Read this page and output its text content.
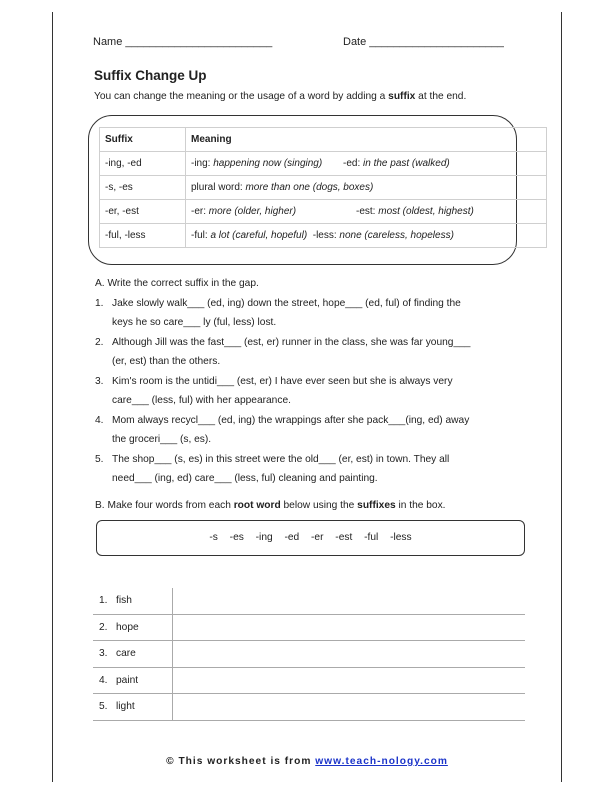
Name ________________________	Date ______________________
Suffix Change Up
You can change the meaning or the usage of a word by adding a suffix at the end.
Suffix	Meaning
-ing, -ed	-ing: happening now (singing) -ed: in the past (walked)
-s, -es	plural word: more than one (dogs, boxes)
-er, -est	-er: more (older, higher) -est: most (oldest, highest)
-ful, -less	-ful: a lot (careful, hopeful) -less: none (careless, hopeless)
A. Write the correct suffix in the gap.
1. Jake slowly walk___ (ed, ing) down the street, hope___ (ed, ful) of finding the
keys he so care___ ly (ful, less) lost.
2. Although Jill was the fast___ (est, er) runner in the class, she was far young___
(er, est) than the others.
3. Kim's room is the untidi___ (est, er) I have ever seen but she is always very
care___ (less, ful) with her appearance.
4. Mom always recycl___ (ed, ing) the wrappings after she pack___(ing, ed) away
the groceri___ (s, es).
5. The shop___ (s, es) in this street were the old___ (er, est) in town. They all
need___ (ing, ed) care___ (less, ful) cleaning and painting.
B. Make four words from each root word below using the suffixes in the box.
-s -es -ing -ed -er -est -ful -less
1. fish	
2. hope	
3. care	
4. paint	
5. light	
© This worksheet is from www.teach-nology.com
